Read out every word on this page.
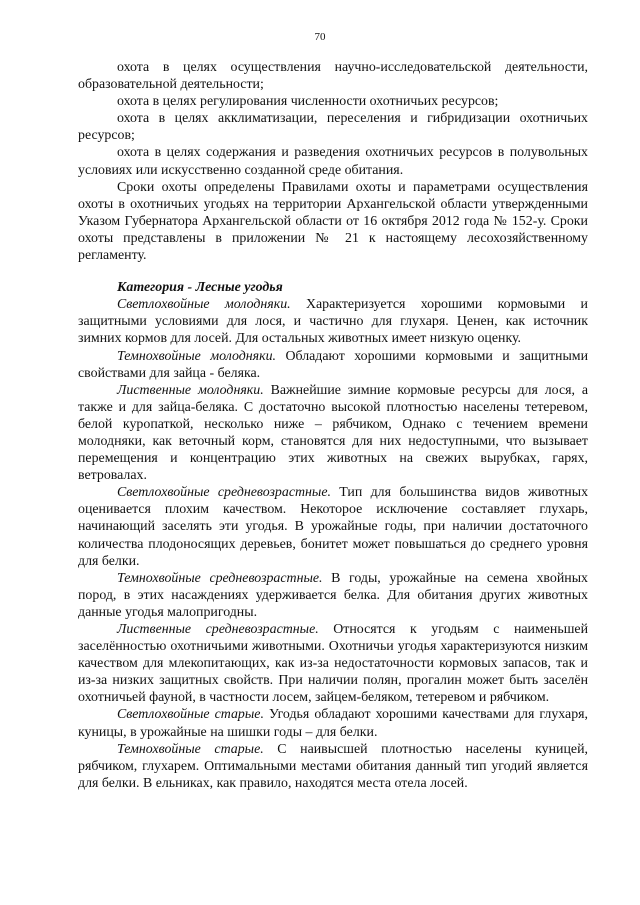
70

охота в целях осуществления научно-исследовательской деятельности, образовательной деятельности;

охота в целях регулирования численности охотничьих ресурсов;

охота в целях акклиматизации, переселения и гибридизации охотничьих ресурсов;

охота в целях содержания и разведения охотничьих ресурсов в полувольных условиях или искусственно созданной среде обитания.

Сроки охоты определены Правилами охоты и параметрами осуществления охоты в охотничьих угодьях на территории Архангельской области утвержденными Указом Губернатора Архангельской области от 16 октября 2012 года № 152-у. Сроки охоты представлены в приложении № 21 к настоящему лесохозяйственному регламенту.

Категория - Лесные угодья

Светлохвойные молодняки. Характеризуется хорошими кормовыми и защитными условиями для лося, и частично для глухаря. Ценен, как источник зимних кормов для лосей. Для остальных животных имеет низкую оценку.

Темнохвойные молодняки. Обладают хорошими кормовыми и защитными свойствами для зайца - беляка.

Лиственные молодняки. Важнейшие зимние кормовые ресурсы для лося, а также и для зайца-беляка. С достаточно высокой плотностью населены тетеревом, белой куропаткой, несколько ниже – рябчиком, Однако с течением времени молодняки, как веточный корм, становятся для них недоступными, что вызывает перемещения и концентрацию этих животных на свежих вырубках, гарях, ветровалах.

Светлохвойные средневозрастные. Тип для большинства видов животных оценивается плохим качеством. Некоторое исключение составляет глухарь, начинающий заселять эти угодья. В урожайные годы, при наличии достаточного количества плодоносящих деревьев, бонитет может повышаться до среднего уровня для белки.

Темнохвойные средневозрастные. В годы, урожайные на семена хвойных пород, в этих насаждениях удерживается белка. Для обитания других животных данные угодья малопригодны.

Лиственные средневозрастные. Относятся к угодьям с наименьшей заселённостью охотничьими животными. Охотничьи угодья характеризуются низким качеством для млекопитающих, как из-за недостаточности кормовых запасов, так и из-за низких защитных свойств. При наличии полян, прогалин может быть заселён охотничьей фауной, в частности лосем, зайцем-беляком, тетеревом и рябчиком.

Светлохвойные старые. Угодья обладают хорошими качествами для глухаря, куницы, в урожайные на шишки годы – для белки.

Темнохвойные старые. С наивысшей плотностью населены куницей, рябчиком, глухарем. Оптимальными местами обитания данный тип угодий является для белки. В ельниках, как правило, находятся места отела лосей.
